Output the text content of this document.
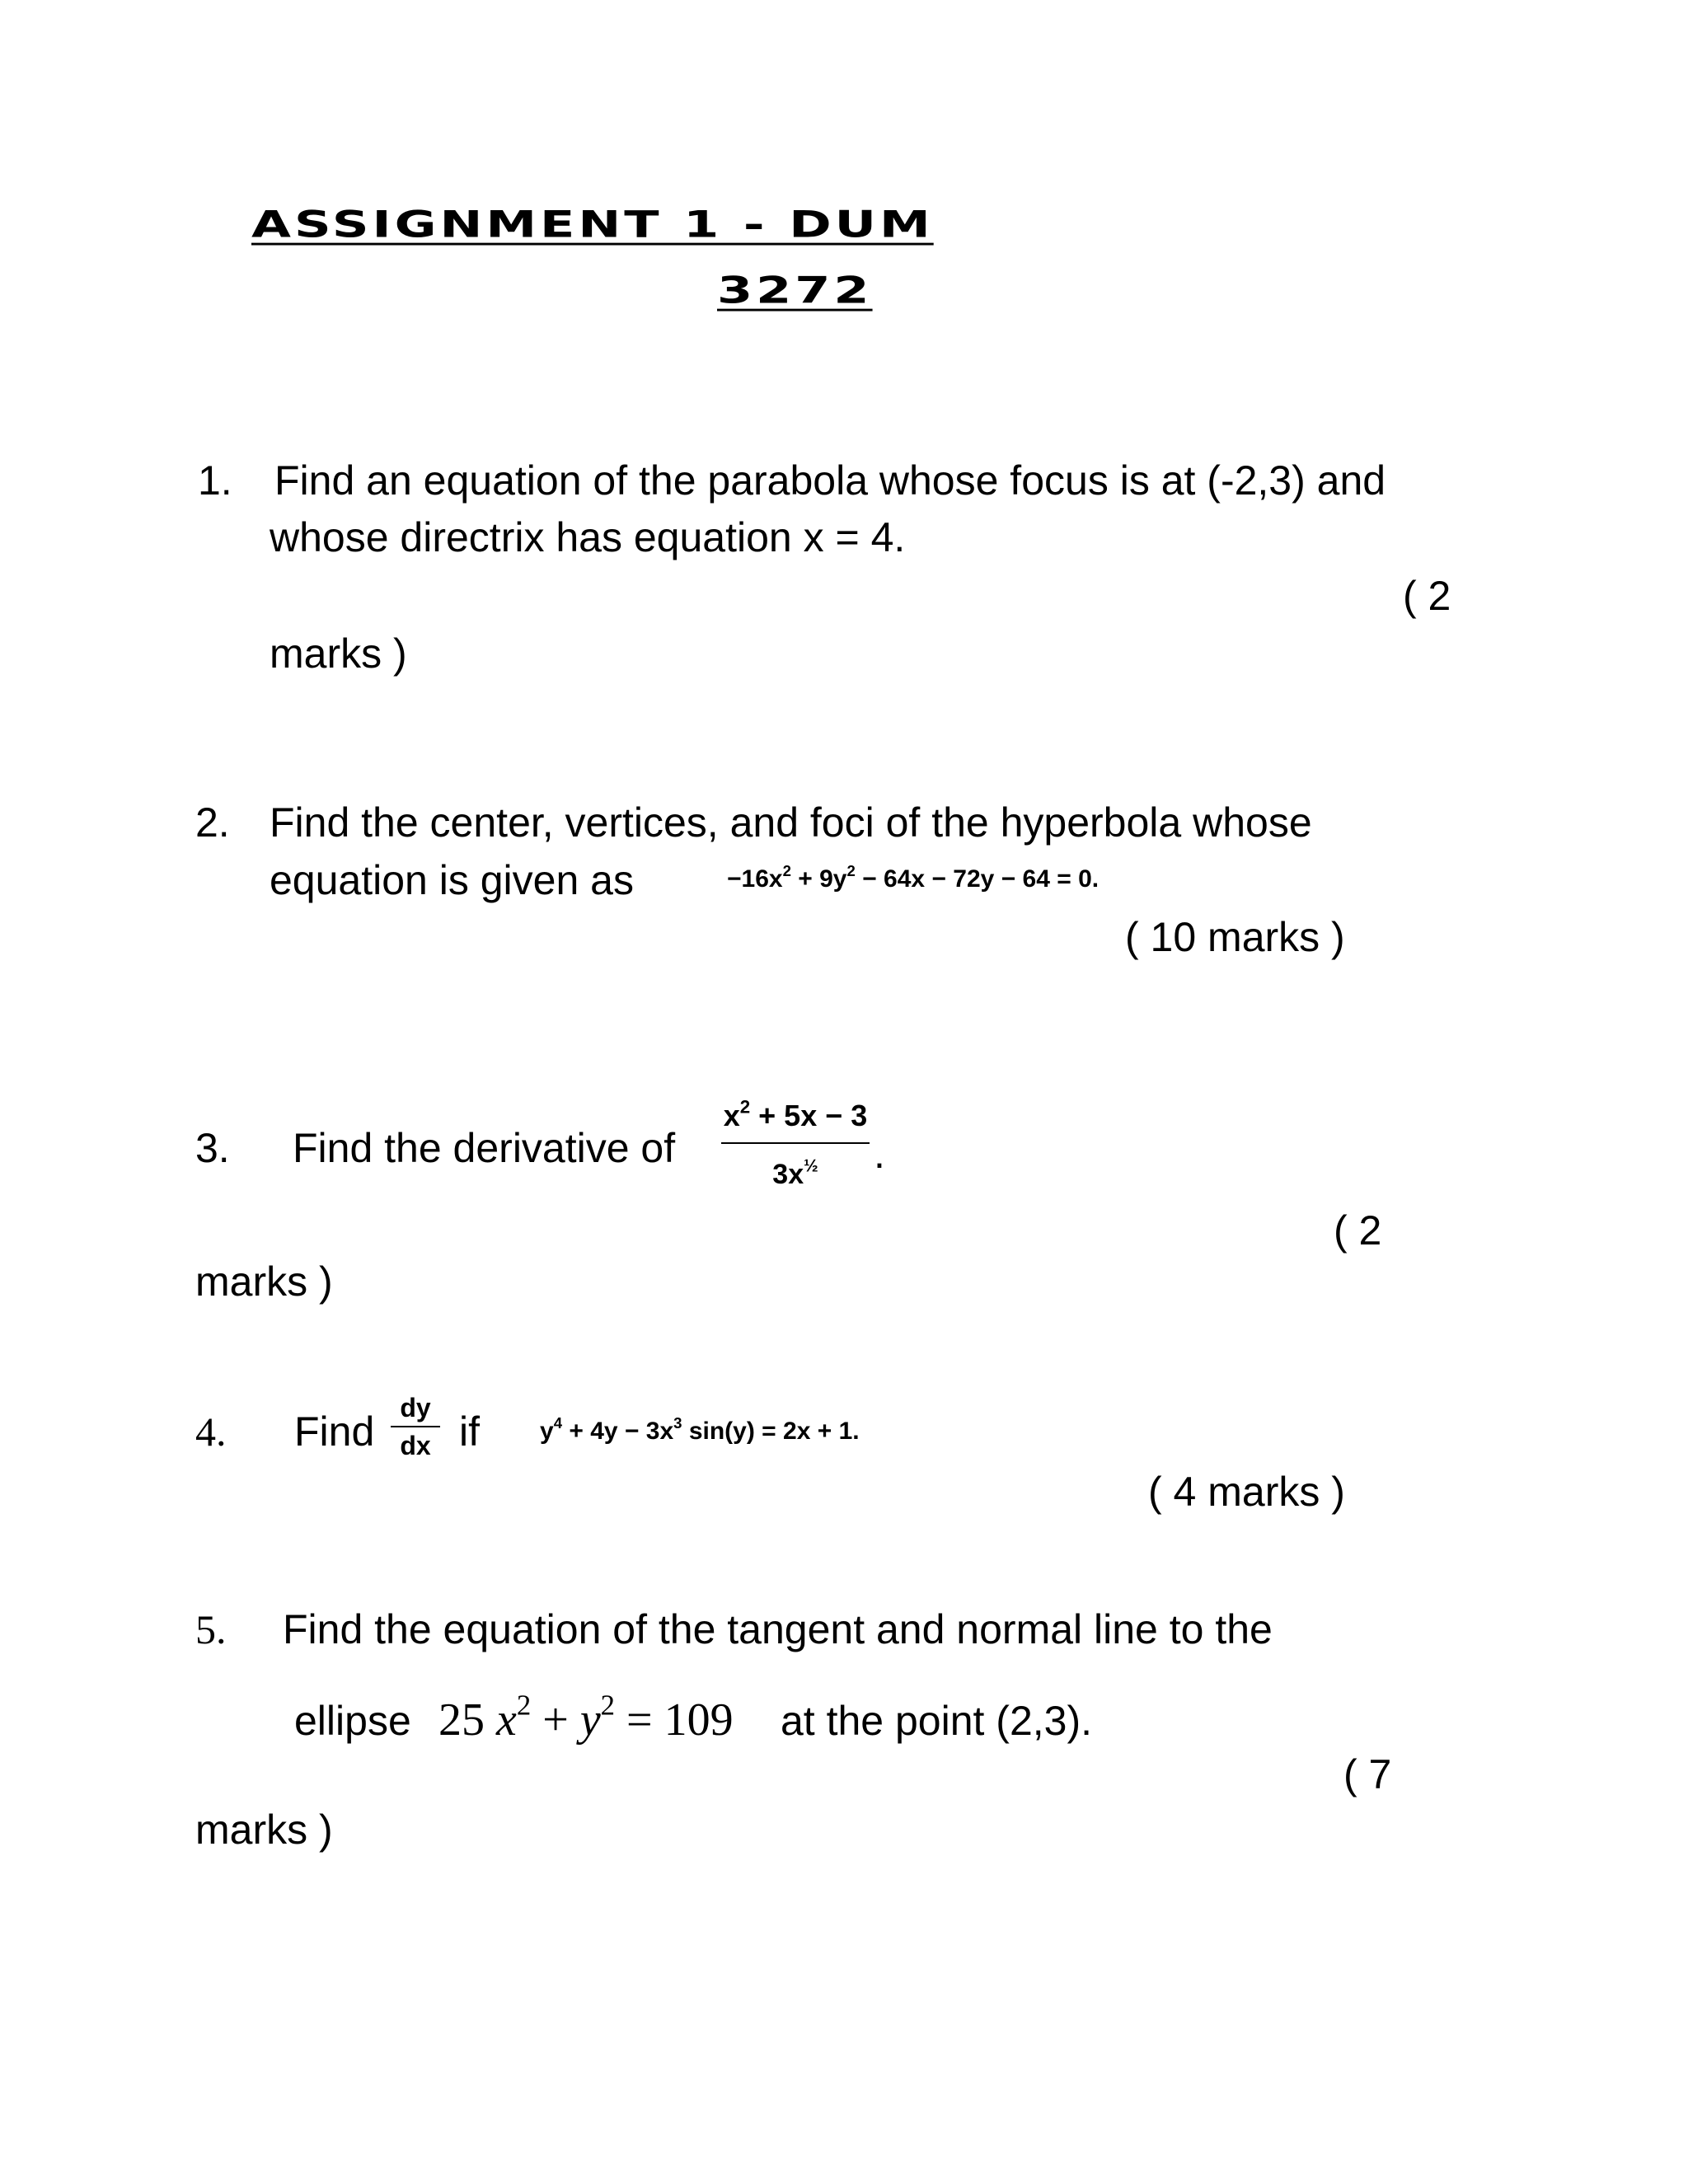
ASSIGNMENT 1 - DUM
3272
1. Find an equation of the parabola whose focus is at (-2,3) and
whose directrix has equation x = 4.
( 2
marks )
2. Find the center, vertices, and foci of the hyperbola whose
equation is given as	$-16x^2 + 9y^2 - 64x - 72y - 64 = 0$.
( 10 marks )
3. Find the derivative of
$x^2 + 5x - 3$
$3x^{\frac{1}{2}}$	.
( 2
marks )
4. Find
dy
dx if $y^4 + 4y - 3x^3$ sin(y) = 2x + 1.
( 4 marks )
5. Find the equation of the tangent and normal line to the
ellipse 25 $x^2 + y^2 = 109$ at the point (2,3).
( 7
marks )
